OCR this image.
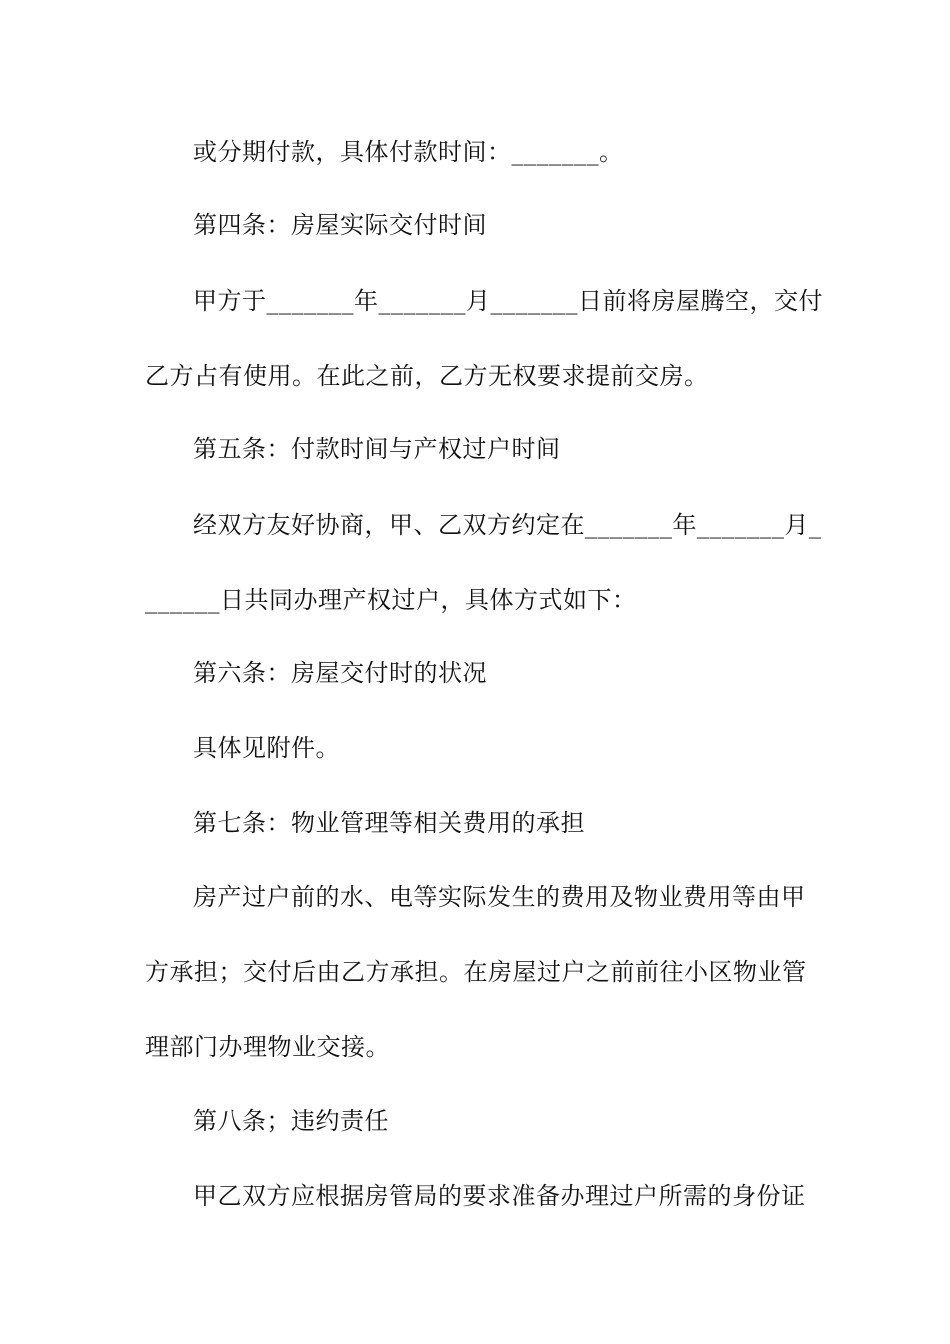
或分期付款，具体付款时间：_______。
第四条：房屋实际交付时间
甲方于_______年_______月_______日前将房屋腾空，交付
乙方占有使用。在此之前，乙方无权要求提前交房。
第五条：付款时间与产权过户时间
经双方友好协商，甲、乙双方约定在_______年_______月_
______日共同办理产权过户，具体方式如下：
第六条：房屋交付时的状况
具体见附件。
第七条：物业管理等相关费用的承担
房产过户前的水、电等实际发生的费用及物业费用等由甲
方承担；交付后由乙方承担。在房屋过户之前前往小区物业管
理部门办理物业交接。
第八条；违约责任
甲乙双方应根据房管局的要求准备办理过户所需的身份证
